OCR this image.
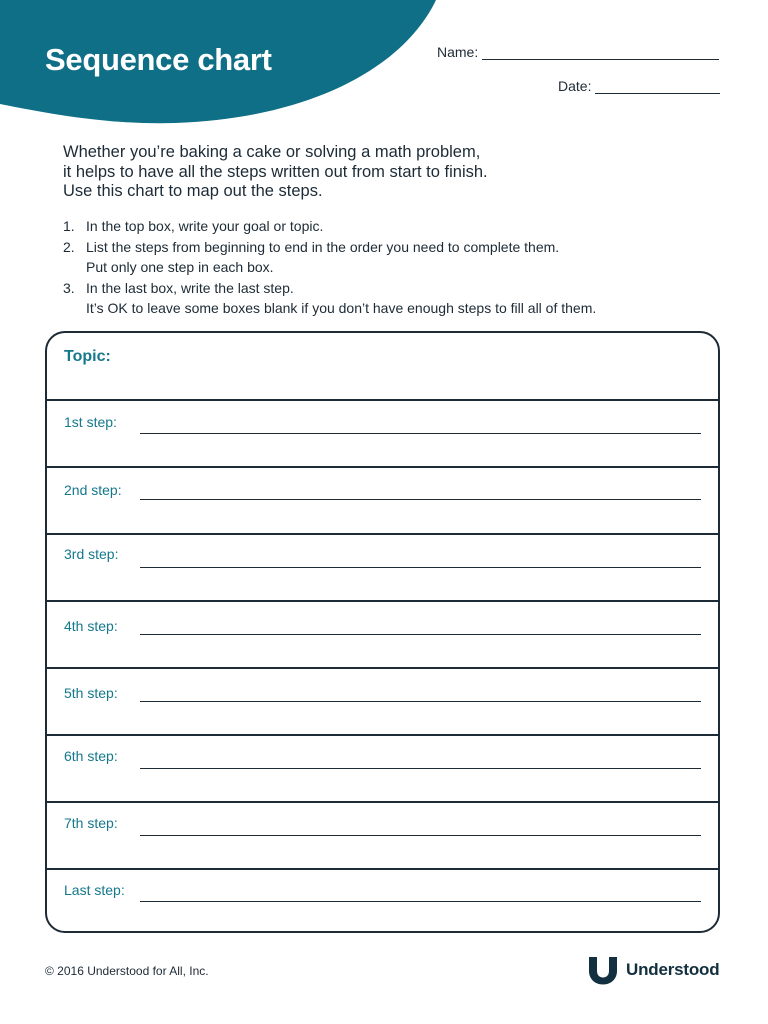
Sequence chart	Name:
Date:
Whether you’re baking a cake or solving a math problem,
it helps to have all the steps written out from start to finish.
Use this chart to map out the steps.
1. In the top box, write your goal or topic.
2. List the steps from beginning to end in the order you need to complete them.
Put only one step in each box.
3. In the last box, write the last step.
It’s OK to leave some boxes blank if you don’t have enough steps to fill all of them.
Topic:
1st step:
2nd step:
3rd step:
4th step:
5th step:
6th step:
7th step:
Last step:
© 2016 Understood for All, Inc.	Understood
